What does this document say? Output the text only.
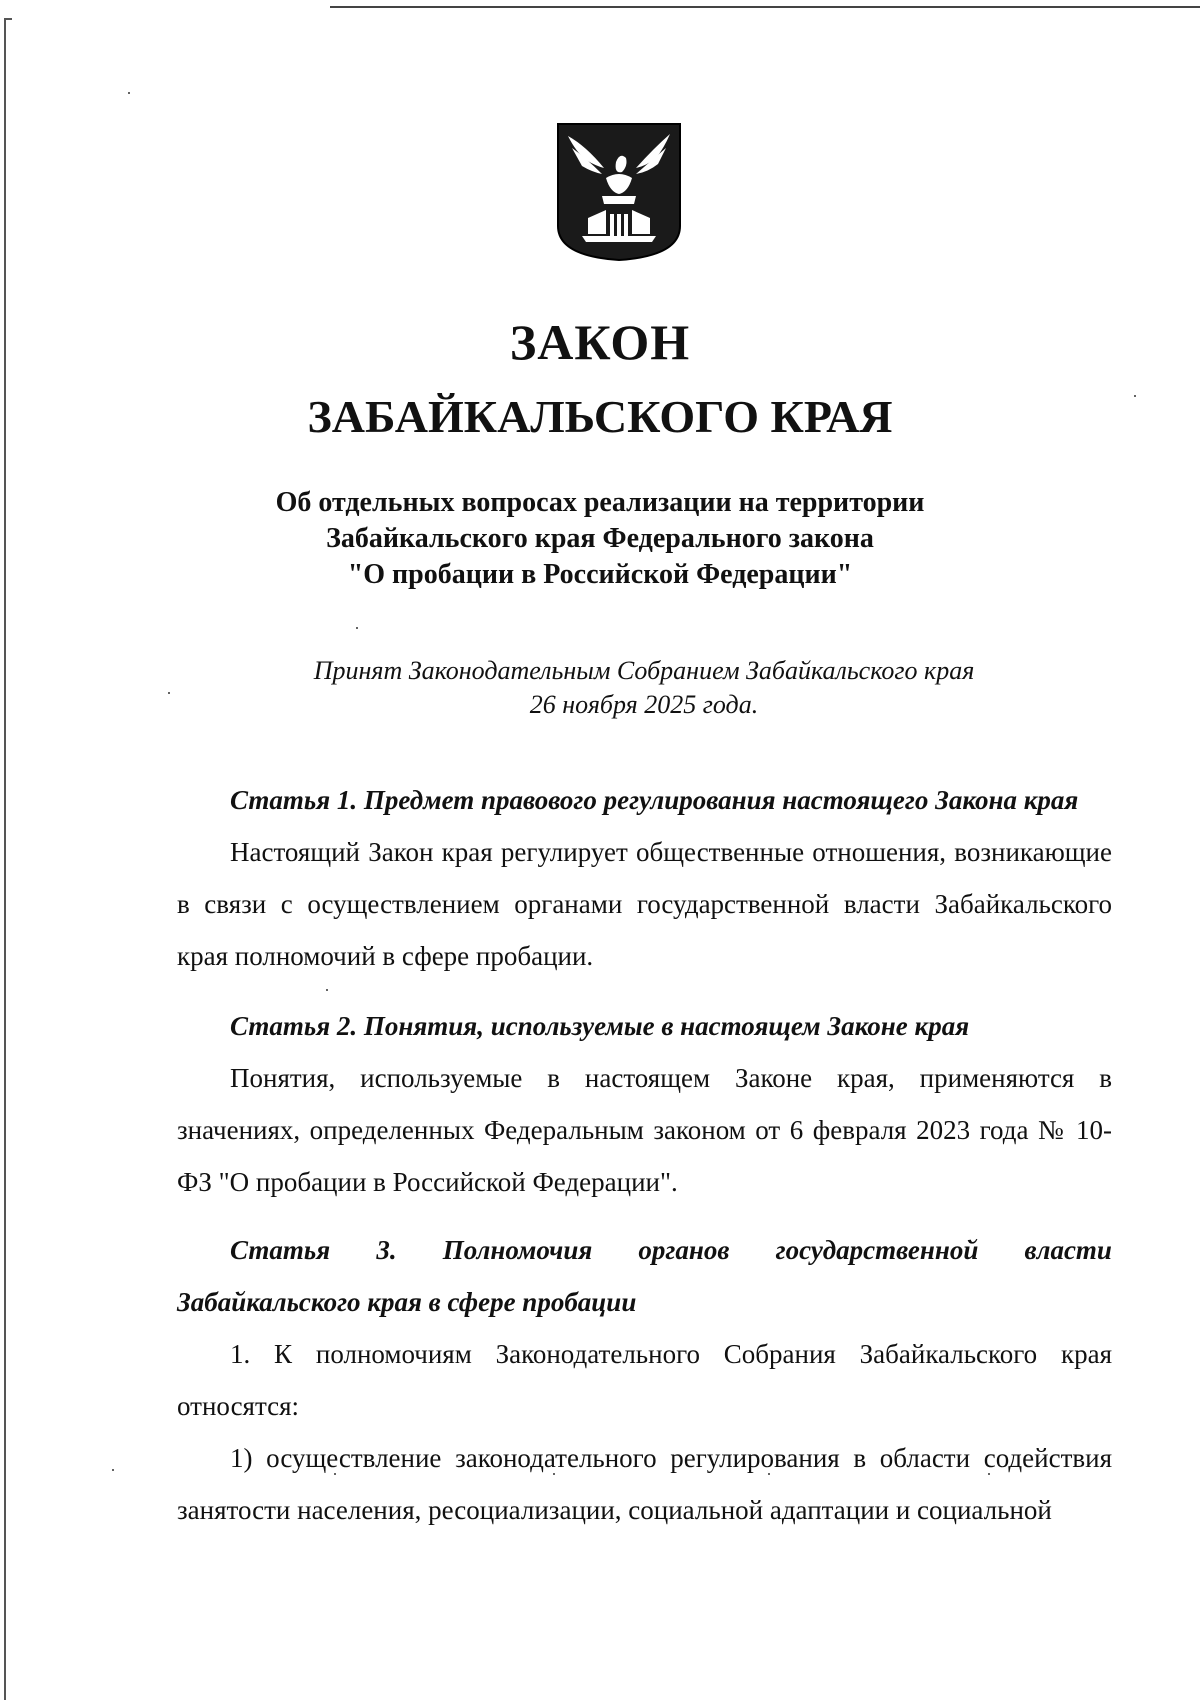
ЗАКОН
ЗАБАЙКАЛЬСКОГО КРАЯ
Об отдельных вопросах реализации на территории
Забайкальского края Федерального закона
"О пробации в Российской Федерации"
Принят Законодательным Собранием Забайкальского края
26 ноября 2025 года.
Статья 1. Предмет правового регулирования настоящего Закона края
Настоящий Закон края регулирует общественные отношения, возникающие в связи с осуществлением органами государственной власти Забайкальского края полномочий в сфере пробации.
Статья 2. Понятия, используемые в настоящем Законе края
Понятия, используемые в настоящем Законе края, применяются в значениях, определенных Федеральным законом от 6 февраля 2023 года № 10-ФЗ "О пробации в Российской Федерации".
Статья 3. Полномочия органов государственной власти
Забайкальского края в сфере пробации
1. К полномочиям Законодательного Собрания Забайкальского края относятся:
1) осуществление законодательного регулирования в области содействия занятости населения, ресоциализации, социальной адаптации и социальной
